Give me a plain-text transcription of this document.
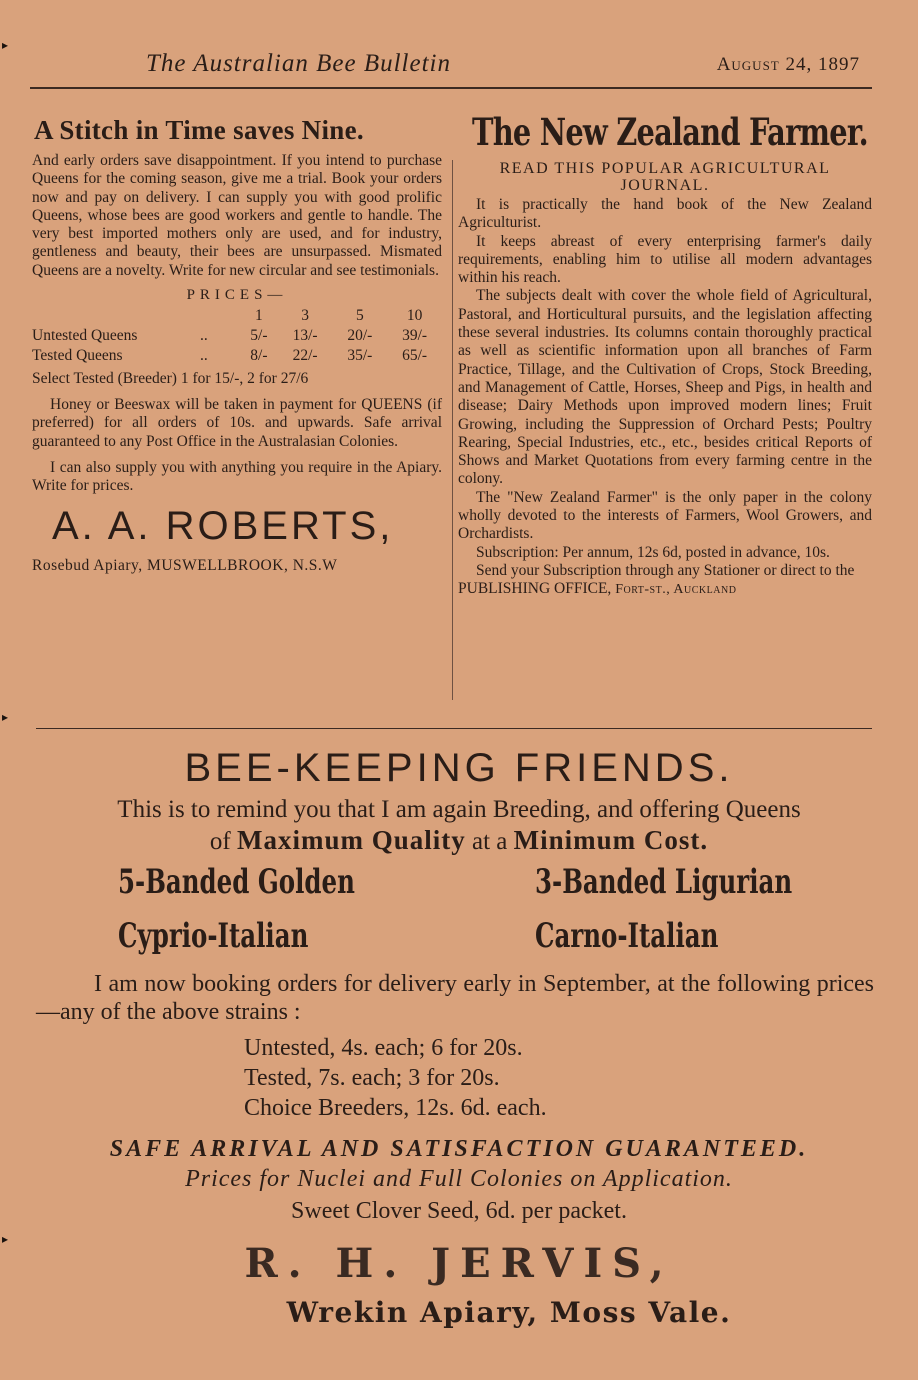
▸
▸
▸
The Australian Bee Bulletin	August 24, 1897
A Stitch in Time saves Nine.

And early orders save disappointment. If you intend to purchase Queens for the coming season, give me a trial. Book your orders now and pay on delivery. I can supply you with good prolific Queens, whose bees are good workers and gentle to handle. The very best imported mothers only are used, and for industry, gentleness and beauty, their bees are unsurpassed. Mismated Queens are a novelty. Write for new circular and see testimonials.

PRICES—
		1	3	5	10
Untested Queens	..	5/-	13/-	20/-	39/-
Tested Queens	..	8/-	22/-	35/-	65/-
Select Tested (Breeder) 1 for 15/-, 2 for 27/6

Honey or Beeswax will be taken in payment for QUEENS (if preferred) for all orders of 10s. and upwards. Safe arrival guaranteed to any Post Office in the Australasian Colonies.

I can also supply you with anything you require in the Apiary. Write for prices.

A. A. ROBERTS,
Rosebud Apiary, MUSWELLBROOK, N.S.W
The New Zealand Farmer.
READ THIS POPULAR AGRICULTURAL JOURNAL.

It is practically the hand book of the New Zealand Agriculturist.

It keeps abreast of every enterprising farmer's daily requirements, enabling him to utilise all modern advantages within his reach.

The subjects dealt with cover the whole field of Agricultural, Pastoral, and Horticultural pursuits, and the legislation affecting these several industries. Its columns contain thoroughly practical as well as scientific information upon all branches of Farm Practice, Tillage, and the Cultivation of Crops, Stock Breeding, and Management of Cattle, Horses, Sheep and Pigs, in health and disease; Dairy Methods upon improved modern lines; Fruit Growing, including the Suppression of Orchard Pests; Poultry Rearing, Special Industries, etc., etc., besides critical Reports of Shows and Market Quotations from every farming centre in the colony.

The "New Zealand Farmer" is the only paper in the colony wholly devoted to the interests of Farmers, Wool Growers, and Orchardists.

Subscription: Per annum, 12s 6d, posted in advance, 10s.

Send your Subscription through any Stationer or direct to the

PUBLISHING OFFICE, Fort-st., Auckland
BEE-KEEPING FRIENDS.

This is to remind you that I am again Breeding, and offering Queens

of Maximum Quality at a Minimum Cost.

5-Banded Golden	3-Banded Ligurian
Cyprio-Italian	Carno-Italian
I am now booking orders for delivery early in September, at the following prices—any of the above strains :
Untested, 4s. each; 6 for 20s.
Tested, 7s. each; 3 for 20s.
Choice Breeders, 12s. 6d. each.
SAFE ARRIVAL AND SATISFACTION GUARANTEED.
Prices for Nuclei and Full Colonies on Application.
Sweet Clover Seed, 6d. per packet.
R. H. JERVIS,
Wrekin Apiary, Moss Vale.
